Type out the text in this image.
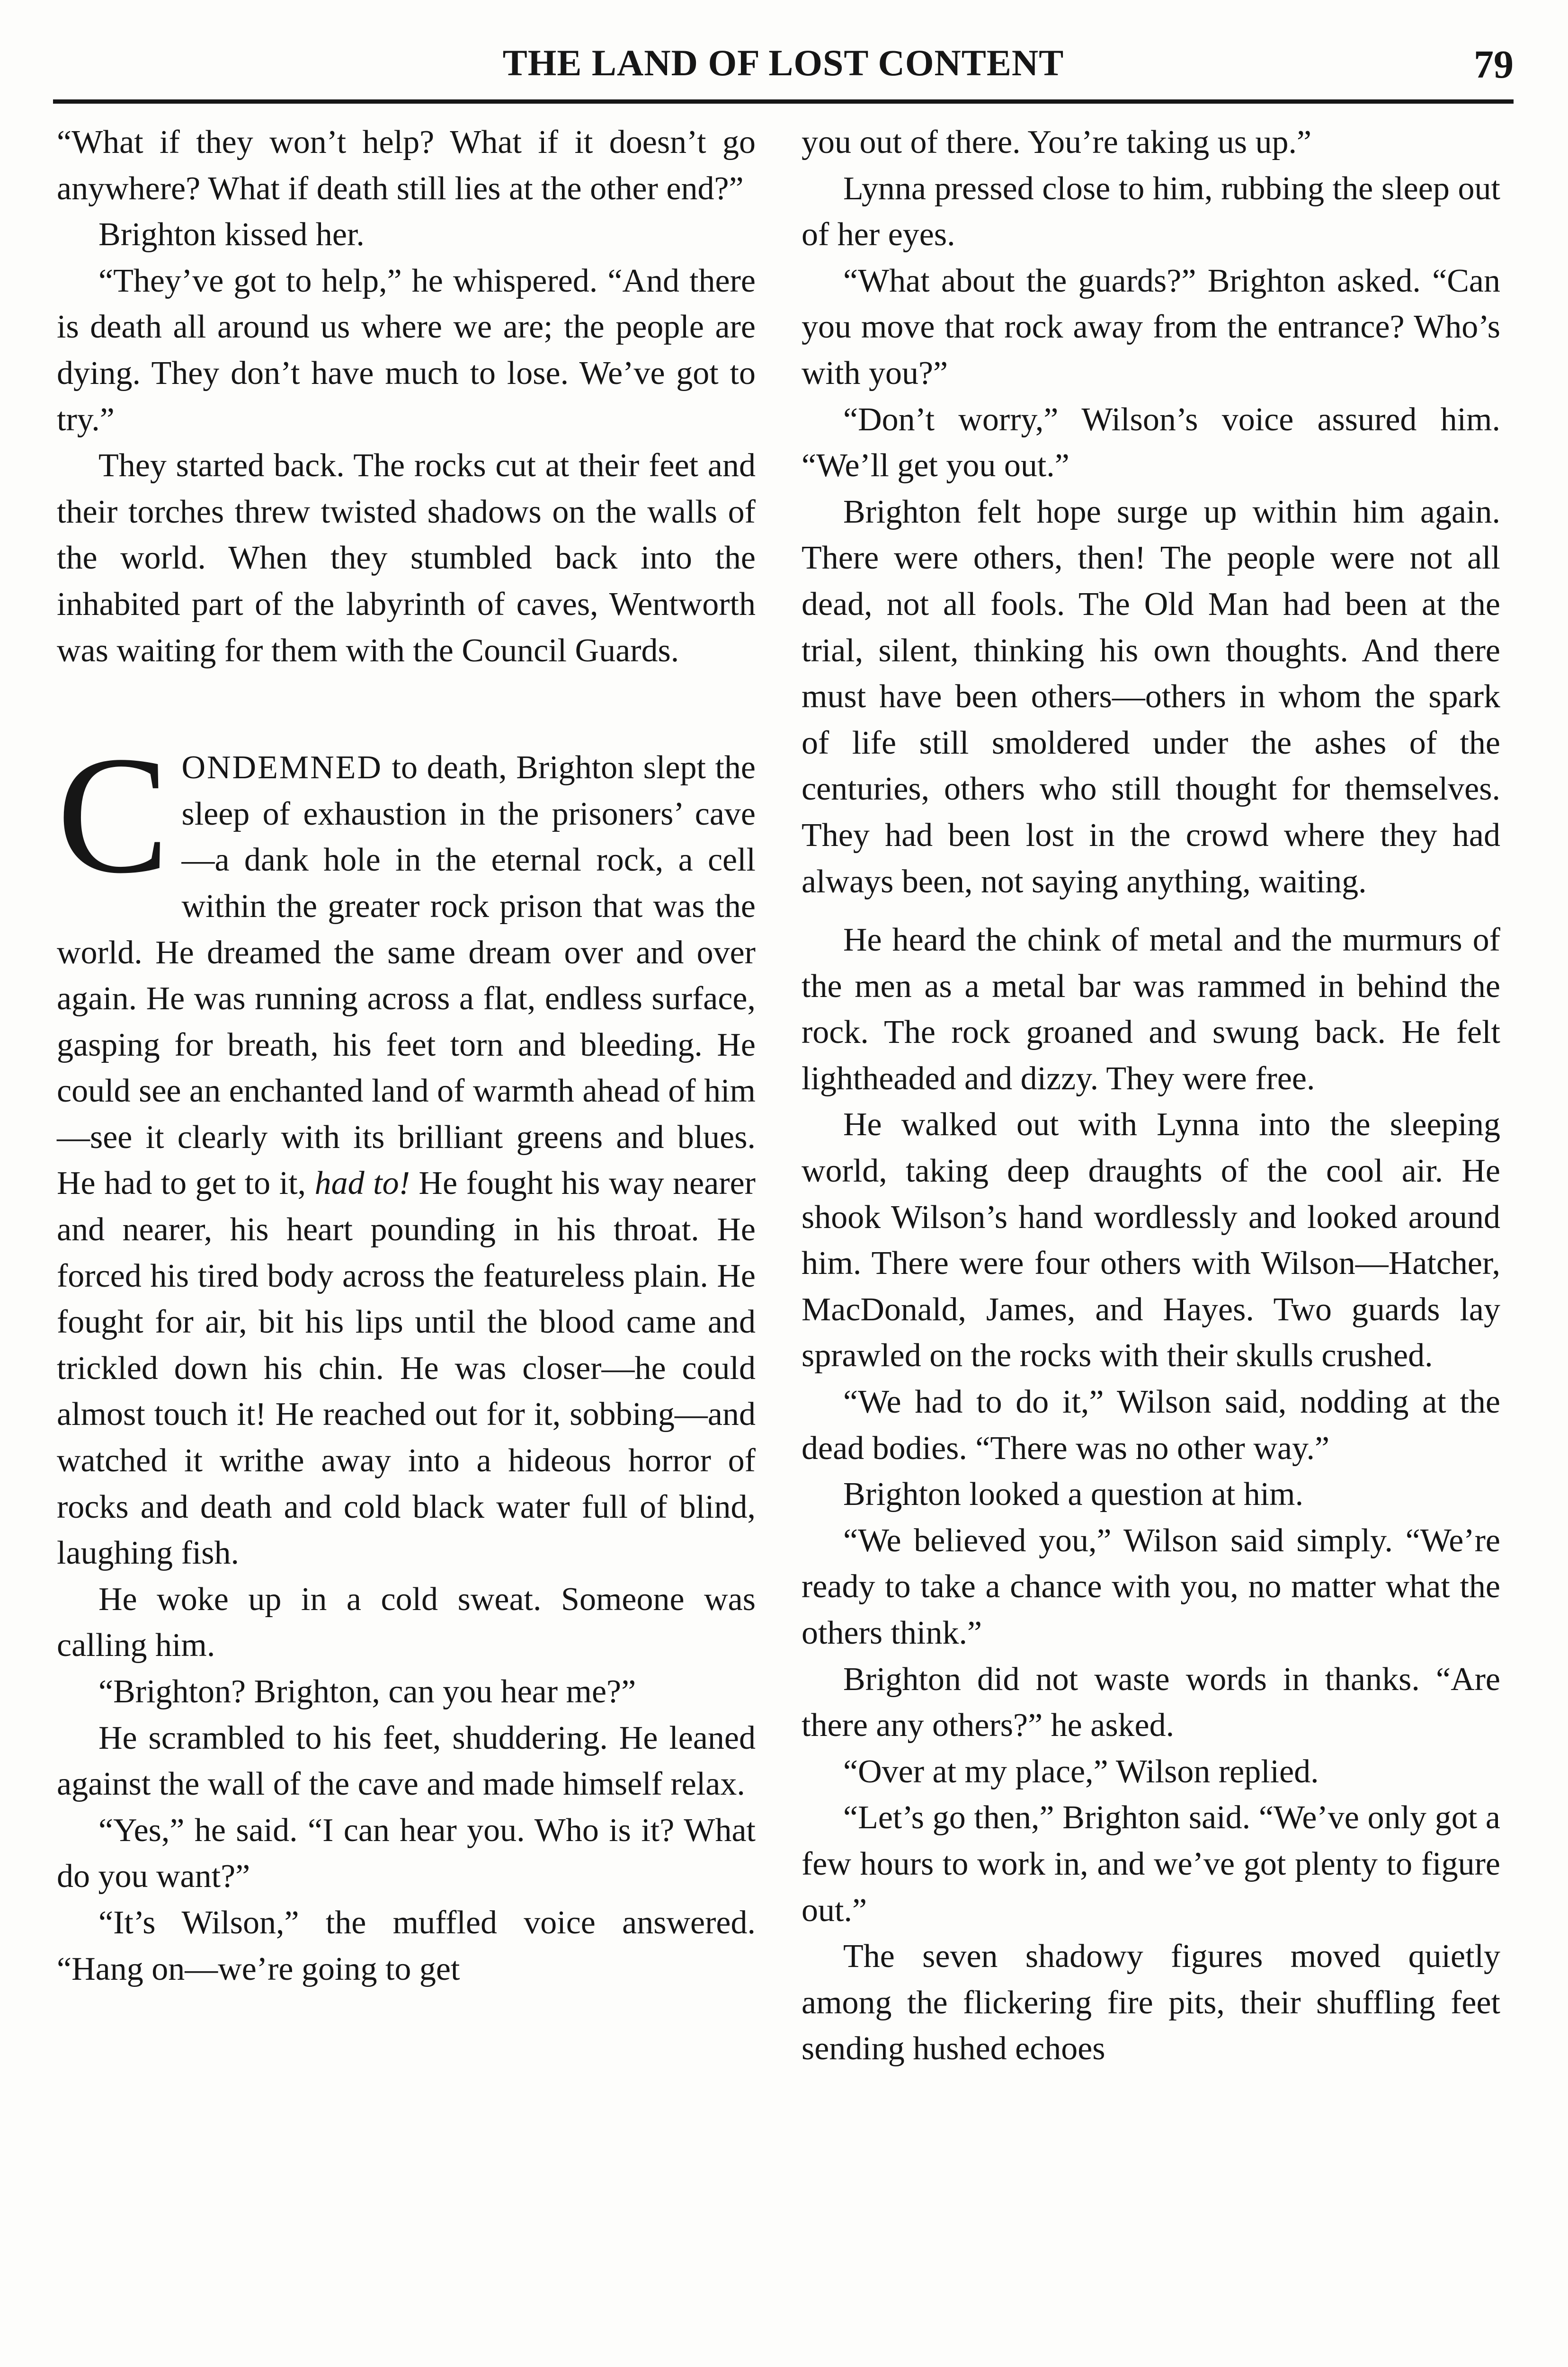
THE LAND OF LOST CONTENT	79

“What if they won’t help? What if it doesn’t go anywhere? What if death still lies at the other end?”

Brighton kissed her.

“They’ve got to help,” he whispered. “And there is death all around us where we are; the people are dying. They don’t have much to lose. We’ve got to try.”

They started back. The rocks cut at their feet and their torches threw twisted shadows on the walls of the world. When they stumbled back into the inhabited part of the labyrinth of caves, Wentworth was waiting for them with the Council Guards.

CONDEMNED to death, Brighton slept the sleep of exhaustion in the prisoners’ cave—a dank hole in the eternal rock, a cell within the greater rock prison that was the world. He dreamed the same dream over and over again. He was running across a flat, endless surface, gasping for breath, his feet torn and bleeding. He could see an enchanted land of warmth ahead of him—see it clearly with its brilliant greens and blues. He had to get to it, had to! He fought his way nearer and nearer, his heart pounding in his throat. He forced his tired body across the featureless plain. He fought for air, bit his lips until the blood came and trickled down his chin. He was closer—he could almost touch it! He reached out for it, sobbing—and watched it writhe away into a hideous horror of rocks and death and cold black water full of blind, laughing fish.

He woke up in a cold sweat. Someone was calling him.

“Brighton? Brighton, can you hear me?”

He scrambled to his feet, shuddering. He leaned against the wall of the cave and made himself relax.

“Yes,” he said. “I can hear you. Who is it? What do you want?”

“It’s Wilson,” the muffled voice answered. “Hang on—we’re going to get

you out of there. You’re taking us up.”

Lynna pressed close to him, rubbing the sleep out of her eyes.

“What about the guards?” Brighton asked. “Can you move that rock away from the entrance? Who’s with you?”

“Don’t worry,” Wilson’s voice assured him. “We’ll get you out.”

Brighton felt hope surge up within him again. There were others, then! The people were not all dead, not all fools. The Old Man had been at the trial, silent, thinking his own thoughts. And there must have been others—others in whom the spark of life still smoldered under the ashes of the centuries, others who still thought for themselves. They had been lost in the crowd where they had always been, not saying anything, waiting.

He heard the chink of metal and the murmurs of the men as a metal bar was rammed in behind the rock. The rock groaned and swung back. He felt lightheaded and dizzy. They were free.

He walked out with Lynna into the sleeping world, taking deep draughts of the cool air. He shook Wilson’s hand wordlessly and looked around him. There were four others with Wilson—Hatcher, MacDonald, James, and Hayes. Two guards lay sprawled on the rocks with their skulls crushed.

“We had to do it,” Wilson said, nodding at the dead bodies. “There was no other way.”

Brighton looked a question at him.

“We believed you,” Wilson said simply. “We’re ready to take a chance with you, no matter what the others think.”

Brighton did not waste words in thanks. “Are there any others?” he asked.

“Over at my place,” Wilson replied.

“Let’s go then,” Brighton said. “We’ve only got a few hours to work in, and we’ve got plenty to figure out.”

The seven shadowy figures moved quietly among the flickering fire pits, their shuffling feet sending hushed echoes
